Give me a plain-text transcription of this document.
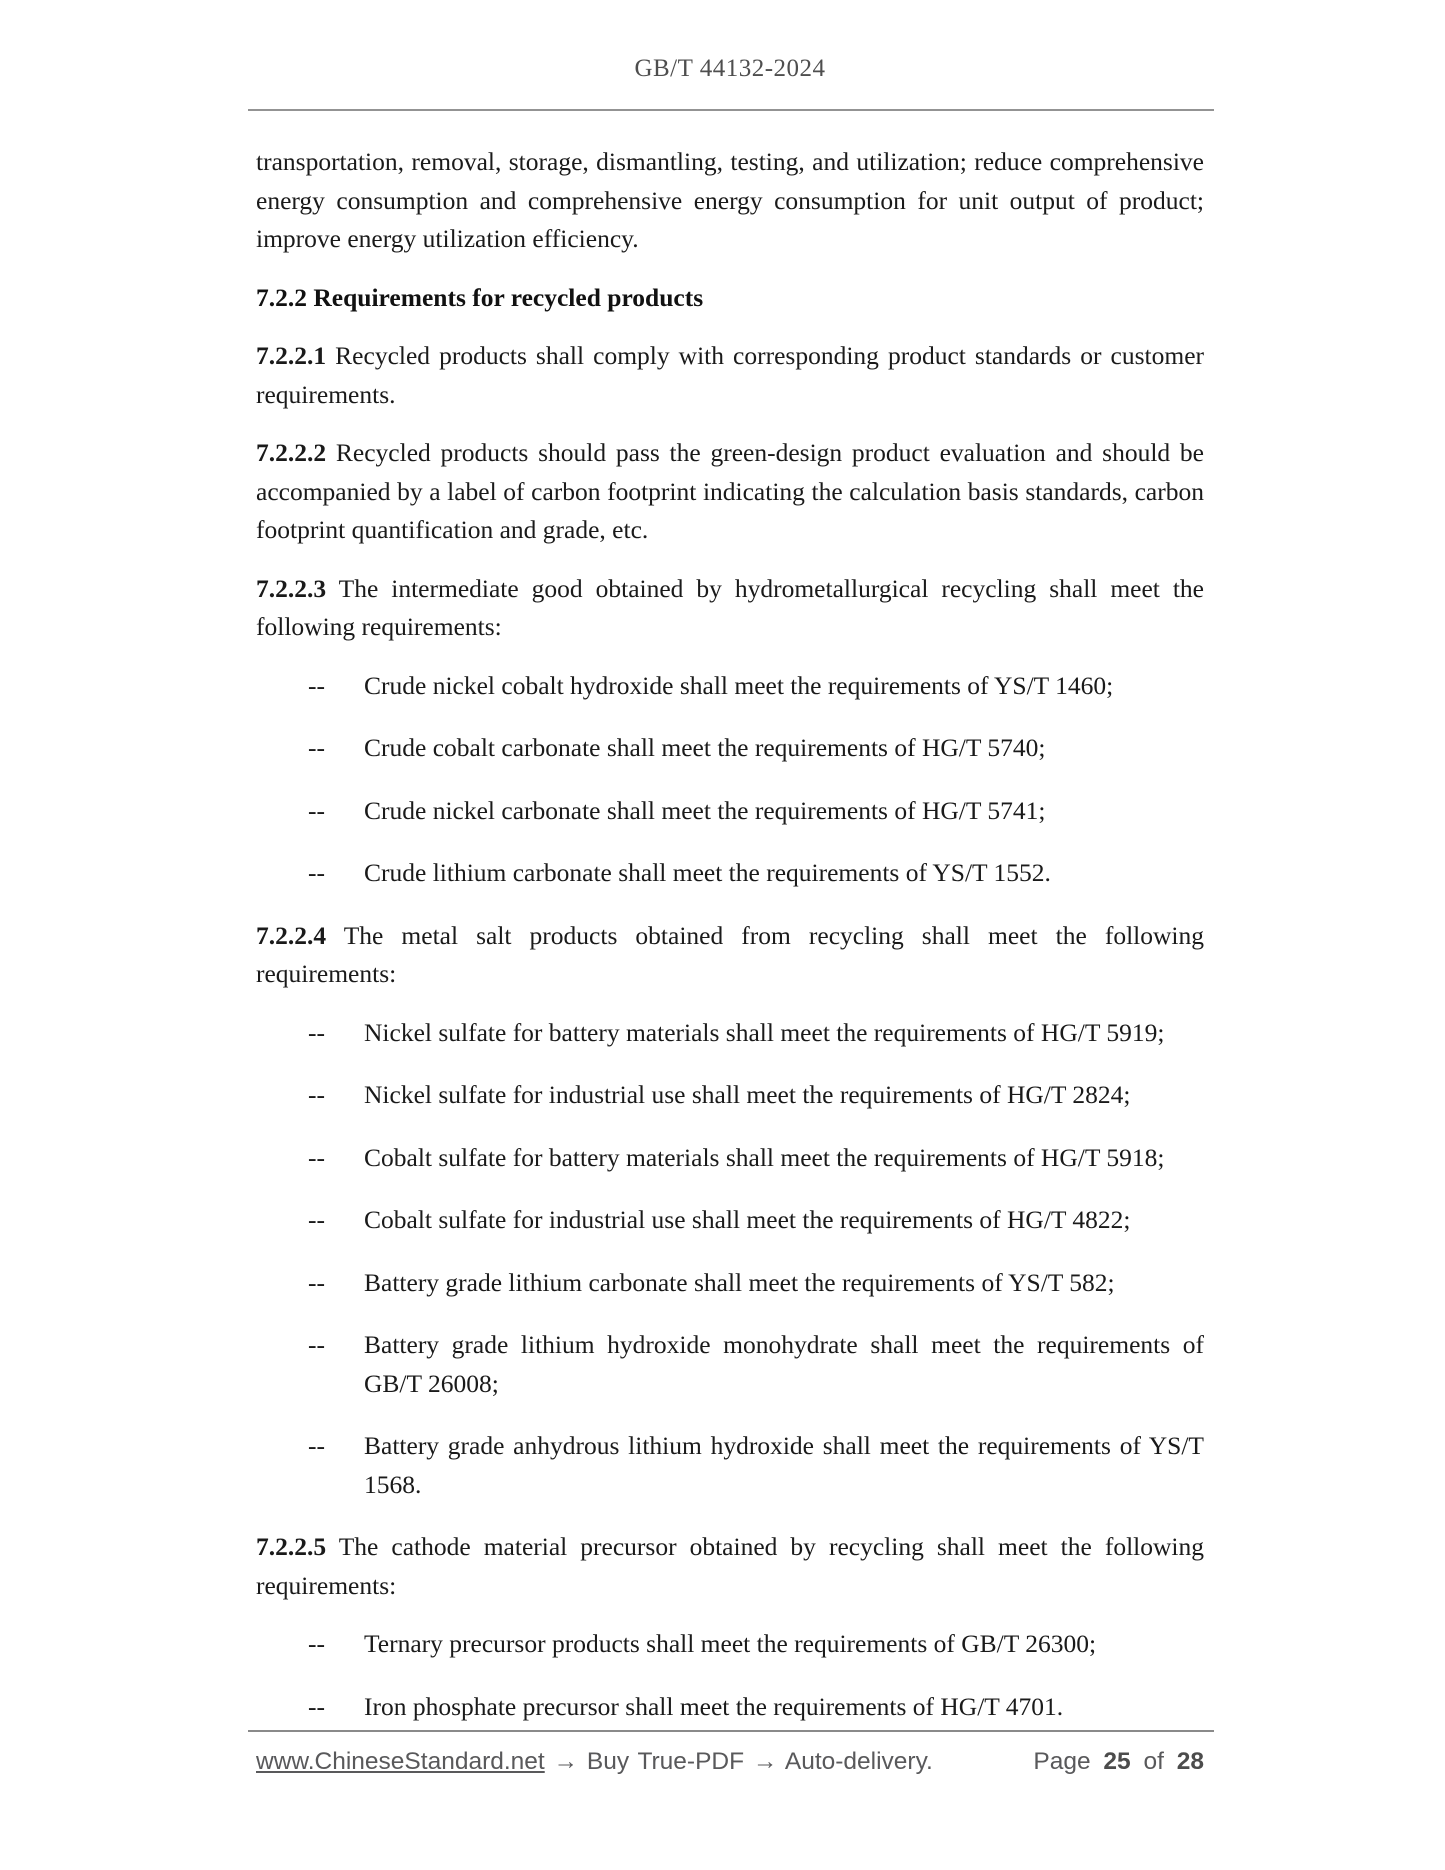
GB/T 44132-2024

transportation, removal, storage, dismantling, testing, and utilization; reduce comprehensive energy consumption and comprehensive energy consumption for unit output of product; improve energy utilization efficiency.

7.2.2 Requirements for recycled products

7.2.2.1 Recycled products shall comply with corresponding product standards or customer requirements.

7.2.2.2 Recycled products should pass the green-design product evaluation and should be accompanied by a label of carbon footprint indicating the calculation basis standards, carbon footprint quantification and grade, etc.

7.2.2.3 The intermediate good obtained by hydrometallurgical recycling shall meet the following requirements:

-- Crude nickel cobalt hydroxide shall meet the requirements of YS/T 1460;
-- Crude cobalt carbonate shall meet the requirements of HG/T 5740;
-- Crude nickel carbonate shall meet the requirements of HG/T 5741;
-- Crude lithium carbonate shall meet the requirements of YS/T 1552.

7.2.2.4 The metal salt products obtained from recycling shall meet the following requirements:

-- Nickel sulfate for battery materials shall meet the requirements of HG/T 5919;
-- Nickel sulfate for industrial use shall meet the requirements of HG/T 2824;
-- Cobalt sulfate for battery materials shall meet the requirements of HG/T 5918;
-- Cobalt sulfate for industrial use shall meet the requirements of HG/T 4822;
-- Battery grade lithium carbonate shall meet the requirements of YS/T 582;
-- Battery grade lithium hydroxide monohydrate shall meet the requirements of GB/T 26008;
-- Battery grade anhydrous lithium hydroxide shall meet the requirements of YS/T 1568.

7.2.2.5 The cathode material precursor obtained by recycling shall meet the following requirements:

-- Ternary precursor products shall meet the requirements of GB/T 26300;
-- Iron phosphate precursor shall meet the requirements of HG/T 4701.
www.ChineseStandard.net → Buy True-PDF → Auto-delivery.	Page 25 of 28
